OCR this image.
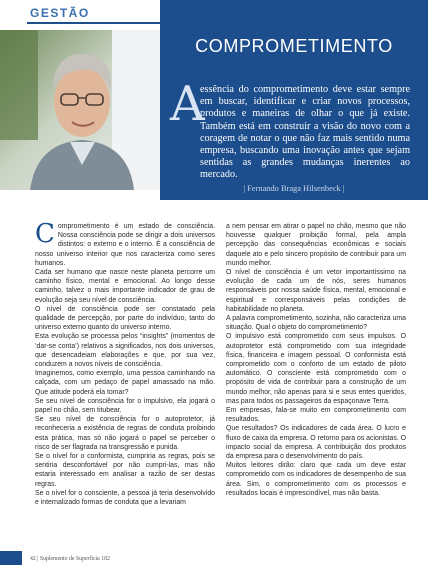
GESTÃO
COMPROMETIMENTO
A
essência do comprometimento deve estar sempre em buscar, identificar e criar novos processos, produtos e maneiras de olhar o que já existe. Também está em construir a visão do novo com a coragem de notar o que não faz mais sentido numa empresa, buscando uma inovação antes que sejam sentidas as grandes mudanças inerentes ao mercado.
| Fernando Braga Hilsenbeck |

Comprometimento é um estado de consciência. Nossa consciência pode se dirigir a dois universos distintos: o externo e o interno. É a consciência de nosso universo interior que nos caracteriza como seres humanos.

Cada ser humano que nasce neste planeta percorre um caminho físico, mental e emocional. Ao longo desse caminho, talvez o mais importante indicador de grau de evolução seja seu nível de consciência.

O nível de consciência pode ser constatado pela qualidade de percepção, por parte do indivíduo, tanto do universo externo quanto do universo interno.

Esta evolução se processa pelos “insights” (momentos de ‘dar-se conta’) relativos a significados, nos dois universos, que desencadeiam elaborações e que, por sua vez, conduzem a novos níveis de consciência.

Imaginemos, como exemplo, uma pessoa caminhando na calçada, com um pedaço de papel amassado na mão. Que atitude poderá ela tomar?

Se seu nível de consciência for o impulsivo, ela jogará o papel no chão, sem titubear.

Se seu nível de consciência for o autoprotetor, já reconheceria a existência de regras de conduta proibindo esta prática, mas só não jogará o papel se perceber o risco de ser flagrada na transgressão e punida.

Se o nível for o conformista, cumpriria as regras, pois se sentiria desconfortável por não cumpri-las, mas não estaria interessado em analisar a razão de ser destas regras.

Se o nível for o consciente, a pessoa já teria desenvolvido e internalizado formas de conduta que a levariam

a nem pensar em atirar o papel no chão, mesmo que não houvesse qualquer proibição formal, pela ampla percepção das consequências econômicas e sociais daquele ato e pelo sincero propósito de contribuir para um mundo melhor.

O nível de consciência é um vetor importantíssimo na evolução de cada um de nós, seres humanos responsáveis por nossa saúde física, mental, emocional e espiritual e corresponsáveis pelas condições de habitabilidade no planeta.

A palavra comprometimento, sozinha, não caracteriza uma situação. Qual o objeto do comprometimento?

O impulsivo está comprometido com seus impulsos. O autoprotetor está comprometido com sua integridade física, financeira e imagem pessoal. O conformista está comprometido com o conforto de um estado de piloto automático. O consciente está comprometido com o propósito de vida de contribuir para a construção de um mundo melhor, não apenas para si e seus entes queridos, mas para todos os passageiros da espaçonave Terra.

Em empresas, fala-se muito em comprometimento com resultados.

Que resultados? Os indicadores de cada área. O lucro e fluxo de caixa da empresa. O retorno para os acionistas. O impacto social da empresa. A contribuição dos produtos da empresa para o desenvolvimento do país.

Muitos leitores dirão: claro que cada um deve estar comprometido com os indicadores de desempenho de sua área. Sim, o comprometimento com os processos e resultados locais é imprescindível, mas não basta.

42 | Suplemento de Superfícia 182
